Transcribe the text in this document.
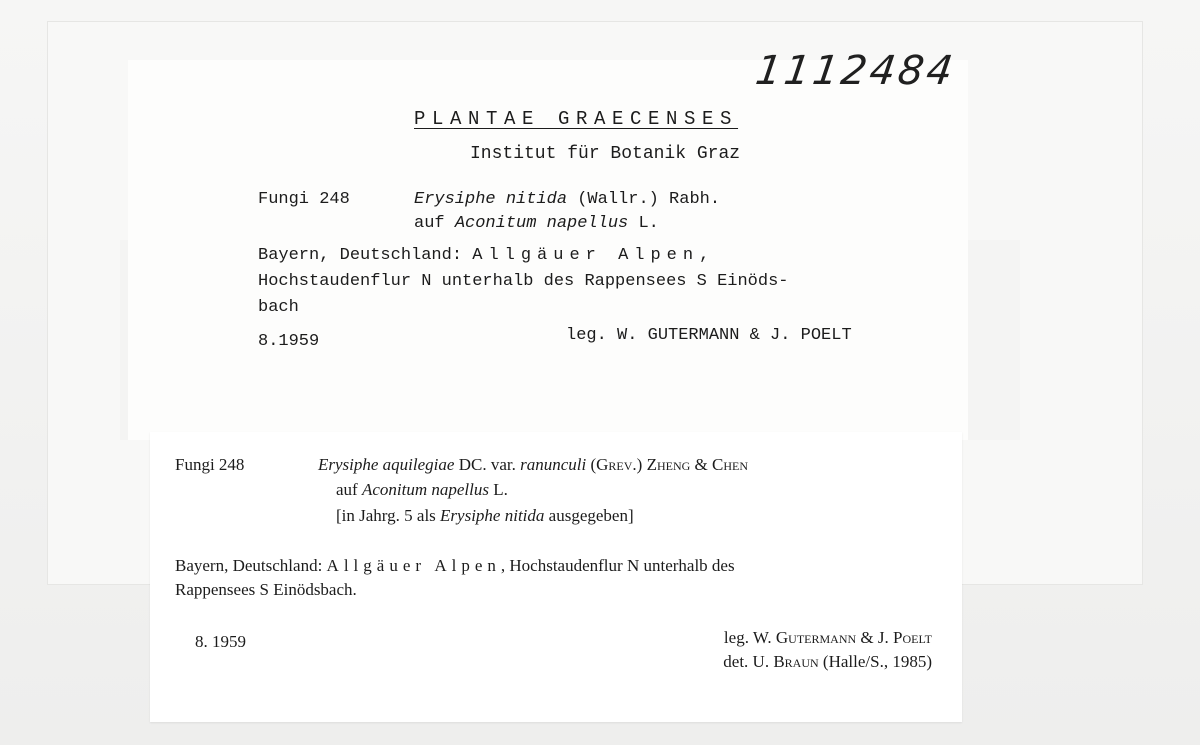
1112484
PLANTAE GRAECENSES
Institut für Botanik Graz
Fungi 248	Erysiphe nitida (Wallr.) Rabh.
auf Aconitum napellus L.
Bayern, Deutschland: Allgäuer Alpen,
Hochstaudenflur N unterhalb des Rappensees S Einöds-
bach
8.1959	leg. W. GUTERMANN & J. POELT
Fungi 248	Erysiphe aquilegiae DC. var. ranunculi (Grev.) Zheng & Chen
auf Aconitum napellus L.
[in Jahrg. 5 als Erysiphe nitida ausgegeben]
Bayern, Deutschland: Allgäuer Alpen, Hochstaudenflur N unterhalb des
Rappensees S Einödsbach.
8. 1959	leg. W. Gutermann & J. Poelt
det. U. Braun (Halle/S., 1985)
